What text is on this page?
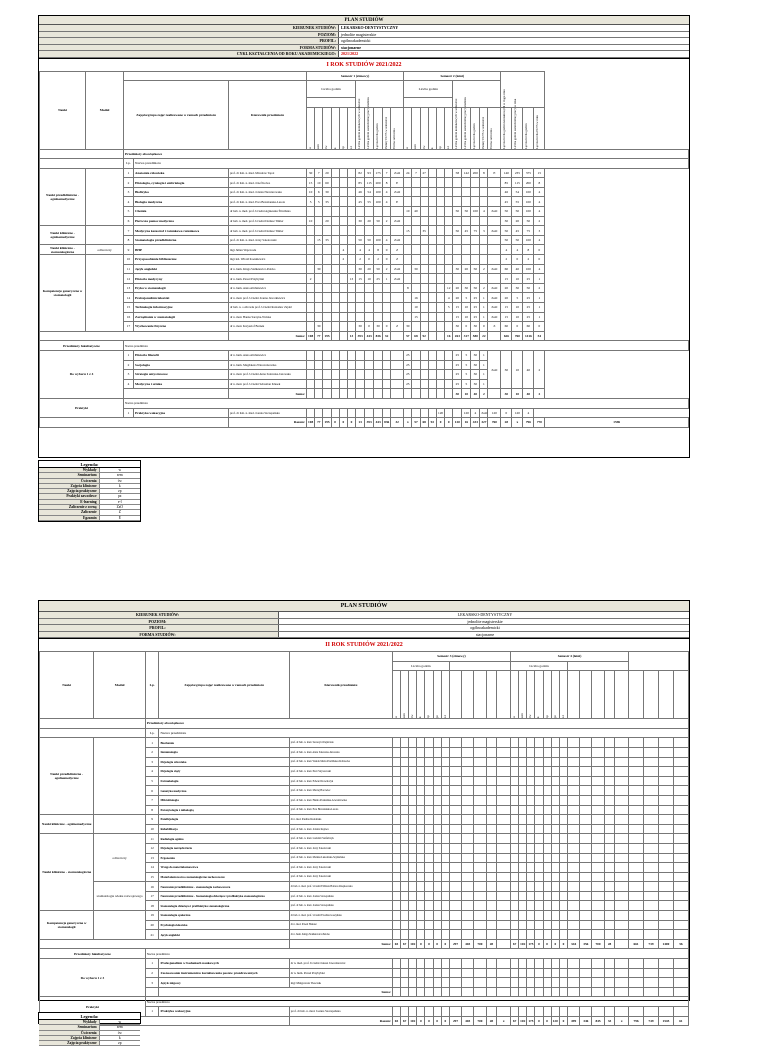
PLAN STUDIÓW
KIERUNEK STUDIÓW:	LEKARSKO-DENTYSTYCZNY
POZIOM:	jednolite magisterskie
PROFIL:	ogólnoakademicki
FORMA STUDIÓW:	stacjonarne
CYKL KSZTAŁCENIA OD ROKU AKADEMICKIEGO:	2021/2022
I ROK STUDIÓW 2021/2022
Nauki	Moduł				Semestr 1 (zimowy)											Semestr 2 (letni)															
		Zajęcia/grupa zajęć realizowane w ramach przedmiotu		Kierownik przedmiotu	Liczba godzin											Liczba godzin															

w	sem	ćw	k	zp	e-l	Liczba godzin kontaktowych w semestrze	Liczba godzin samodzielnej pracy studenta	Łączna liczba godzin	Punkty ECTS w semestrze	Forma zaliczenia	w	sem	ćw	k	zp	e-l	Liczba godzin kontaktowych w semestrze	Liczba godzin samodzielnej pracy studenta	Łączna liczba godzin	Punkty ECTS w semestrze	Forma zaliczenia	Łączna liczba godzin kontaktowych w ciągu roku	Liczba godzin samodzielnej pracy w roku	Łączna liczba godzin	Łączna liczba ECTS w roku	

		Przedmioty obowiązkowe																													
		Lp.	Nazwa przedmiotu																												
Nauki przedkliniczne - ogólnomedyczne		1	Anatomia człowieka	prof. dr hab. n. med. Mirosław Topol	30	7	20				82	93	175	7	ZaO	24	7	27				58	142	200	8	E	140	235	375	15	
		2	Histologia, cytologia i embriologia	prof. dr hab. n. med. Józef Kobos	15	10	60				85	115	200	8	E												85	115	200	8	
		3	Biofizyka	prof. dr hab. n. med. Jolanta Niewiarowska	10	6	30				46	54	100	4	ZaO												46	54	100	4	
		4	Biologia medyczna	prof. dr hab. n. med. Ewa Brzezianska-Lasota	5	5	35				45	55	100	4	E												45	55	100	4	
		5	Chemia	dr hab. n. med. prof. Uczelni Agnieszka Śliwińska												10	40					50	50	100	4	ZaO	50	50	100	4	
		6	Pierwsza pomoc medyczna	dr hab. n. med. prof. Uczelni Dariusz Timler	10		20				30	20	50	2	ZaO												30	20	50	2	
Nauki kliniczne - ogólnomedyczne		7	Medycyna katastrof i ratunkowa ratunkowa	dr hab. n. med. prof. Uczelni Dariusz Timler												15		35				50	45	75	3	ZaO	50	45	75	3	
		8	Stomatologia przedkliniczna	prof. dr hab. n. med. Jerzy Sokołowski		15	35				50	50	100	4	ZaO												50	50	100	4	
Nauki kliniczno - stomatologiczne	odtwórczy	9	BHP	mgr Julian Wojewoda					4		4	4	8	0	Z												4	4	8	0	
Kompetencje generyczne w stomatologii		10	Przysposobienie biblioteczne	mgr inż. Witold Kozakiewicz					2		2	0	2	0	Z												2	0	2	0	
		11	Język angielski	dr n. hum. Kinga Stańkiewicz-Paścko		30					30	20	50	2	ZaO		30					30	20	50	2	ZaO	60	40	100	4	
		12	Historia medycyny	dr n. hum. Paweł Przybylski	2					13	15	10	25	1	ZaO												15	10	25	1	
		13	Etyka w stomatologii	dr n. hum. Anna Alichniewicz												8					12	20	30	50	2	ZaO	20	30	50	2	
		14	Profesjonalizm lekarski	dr n. med. prof. Uczelni Joanna Jaworkiewicz													16				4	20	5	25	1	ZaO	20	5	25	1	
		15	Technologie informacyjne	dr hab. n. o zdrowiu prof. Uczelni Radosław Zajdel													10				5	15	10	25	1	ZaO	15	10	25	1	
		16	Zarządzanie w stomatologii	dr n. med. Hanna Sarzyna-Wolska													15					15	10	25	1	ZaO	15	10	25	1	
		17	Wychowanie fizyczne	dr n. med. Krzysztof Barnek		30					30	0	30	0	Z	30						30	0	30	0	Z	60	0	60	0	
				Suma:	108	77	195			13	393	443	836	32		57	68	92			16	263	317	580	22		626	760	1416	54	
Przedmioty fakultatywne		Nazwa przedmiotu																													
Do wyboru 1 z 4		1	Historia filozofii	dr n. hum. Anna Alichniewicz												25						25	5	30	1	ZaO	30	10	40	2	
		2	Socjologia	dr n. hum. Magdalena Wieczorkowska												25						25	5	30	1						
		3	Strategie antystresowe	dr n. med. prof. Uczelni Anna Zalewska-Janowska												25						25	5	30	1						
		4	Medycyna i sztuka	dr n. med. prof. Uczelni Sebastian Klusek												25						25	5	30	1						
				Suma:																		30	10	40	2		30	10	40	2	
Praktyki		Nazwa przedmiotu																													
		1	Praktyka wakacyjna	prof. dr hab. n. med. Joanna Szczepańska																120			120	4	ZaO	120	0	120	4		
				Razem:	108	77	195	0	0	0	13	393	443	836	32	x	57	68	92	0	0	120	16	433	327	760	28	x	796	770	1596
Legenda:
Wykłady	w
Seminarium	sem
Ćwiczenia	ćw
Zajęcia kliniczne	k
Zajęcia praktyczne	zp
Praktyki zawodowe	pz
E-learning	e-l
Zaliczenie z oceną	ZaO
Zaliczenie	Z
Egzamin	E
PLAN STUDIÓW
KIERUNEK STUDIÓW:	LEKARSKO-DENTYSTYCZNY
POZIOM:	jednolite magisterskie
PROFIL:	ogólnoakademicki
FORMA STUDIÓW:	stacjonarne
II ROK STUDIÓW 2021/2022
Nauki	Moduł	Lp.	Zajęcia/grupa zajęć realizowane w ramach przedmiotu	Kierownik przedmiotu	Semestr 3 (zimowy)												Semestr 4 (letni)															
					Liczba godzin												Liczba godzin															

w	sem	ćw	k	zp	pz	e-l						w	sem	ćw	k	zp	pz	e-l									

		Przedmioty obowiązkowe																														
		Lp.	Nazwa przedmiotu																													
Nauki przedkliniczne - ogólnomedyczne		1	Biochemia	prof. dr hab. n. med. Seweryn Olejniczak																												
		2	Immunologia	prof. dr hab. n. med. Anna Zalewska-Janowska																												
		3	Fizjologia człowieka	prof. dr hab. n. med. Wanda Maria Pawlińska-Dobrzecka																												
		4	Fizjologia ciąży	prof. dr hab. n. med. Piotr Stryszowski																												
		5	Farmakologia	prof. dr hab. n. med. Edward Kowalczyk																												
		6	Genetyka medyczna	prof. dr hab. n. med. Maciej Borowiec																												
		7	Mikrobiologia	prof. dr hab. n. med. Hanna Poznańska-Lewandowska																												
		8	Parazytologia z mikologią	prof. dr hab. n. med. Ewa Brzezianska-Lasota																												
Nauki kliniczne - ogólnomedyczne		9	Patofizjologia	dr n. med. Paulina Radomska																												
		10	Rehabilitacja	prof. dr hab. n. med. Jolanta Kujawa																												
Nauki kliniczno - stomatologiczne	odtwórczy	11	Radiologia ogólna	prof. dr hab. n. med. Ludomir Stefańczyk																												
		12	Fizjologia narządu żucia	prof. dr hab. n. med. Jerzy Sokołowski																												
		13	Ergonomia	prof. dr hab. n. med. Monika Łukomska-Szymańska																												
		14	Wstęp do materiałoznawstwa	prof. dr hab. n. med. Jerzy Sokołowski																												
		15	Materiałoznawstwo stomatologiczne zachowawcze	prof. dr hab. n. med. Jerzy Sokołowski																												
	stomatologia wieku rozwojowego	16	Nauczanie przedkliniczne - stomatologia zachowawcza	dr hab. n. med. prof. Uczelni Elżbieta Bołtacz-Rzepkowska																												
		17	Nauczanie przedkliniczne - Stomatologia dziecięca i profilaktyka stomatologiczna	prof. dr hab. n. med. Joanna Szczepańska																												
		18	Stomatologia dziecięca i profilaktyka stomatologiczna	prof. dr hab. n. med. Joanna Szczepańska																												
Kompetencje generyczne w stomatologii		19	Stomatologia społeczna	dr hab. n. med. prof. Uczelni Ewelina Gaszyńska																												
		20	Psychologia lekarska	dr n. med. Paweł Hanusz																												
		21	Język angielski	dr n. hum. Kinga Stańkiewicz-Paścko																												
				Suma:	65	67	102	0	0	0	0	297	403	700	28		67	102	175	0	0	0	0	344	356	700	28		661	739	1400	56
Przedmioty fakultatywne		Nazwa przedmiotu																														
Do wyboru 1 z 3		1	Profesjonalizm w badaniach naukowych	dr n. med. prof. Uczelni Janusz Jaworkiewicz																												
		2	Zastosowanie instrumentów kształtowania postaw prozdrowotnych	dr n. hum. Paweł Przybylski																												
		3	Język migowy	mgr Małgorzata Tkaczuk																												
			Suma:																													
Praktyki		Nazwa przedmiotu																														
		1	Praktyka wakacyjna	prof. dr hab. n. med. Joanna Szczepańska																												
				Razem:	65	67	102	0	0	0	0	297	403	700	28	x	67	102	175	0	0	120	0	499	346	845	33	x	796	749	1545	61
Legenda:
Wykłady	w
Seminarium	sem
Ćwiczenia	ćw
Zajęcia kliniczne	k
Zajęcia praktyczne	zp
